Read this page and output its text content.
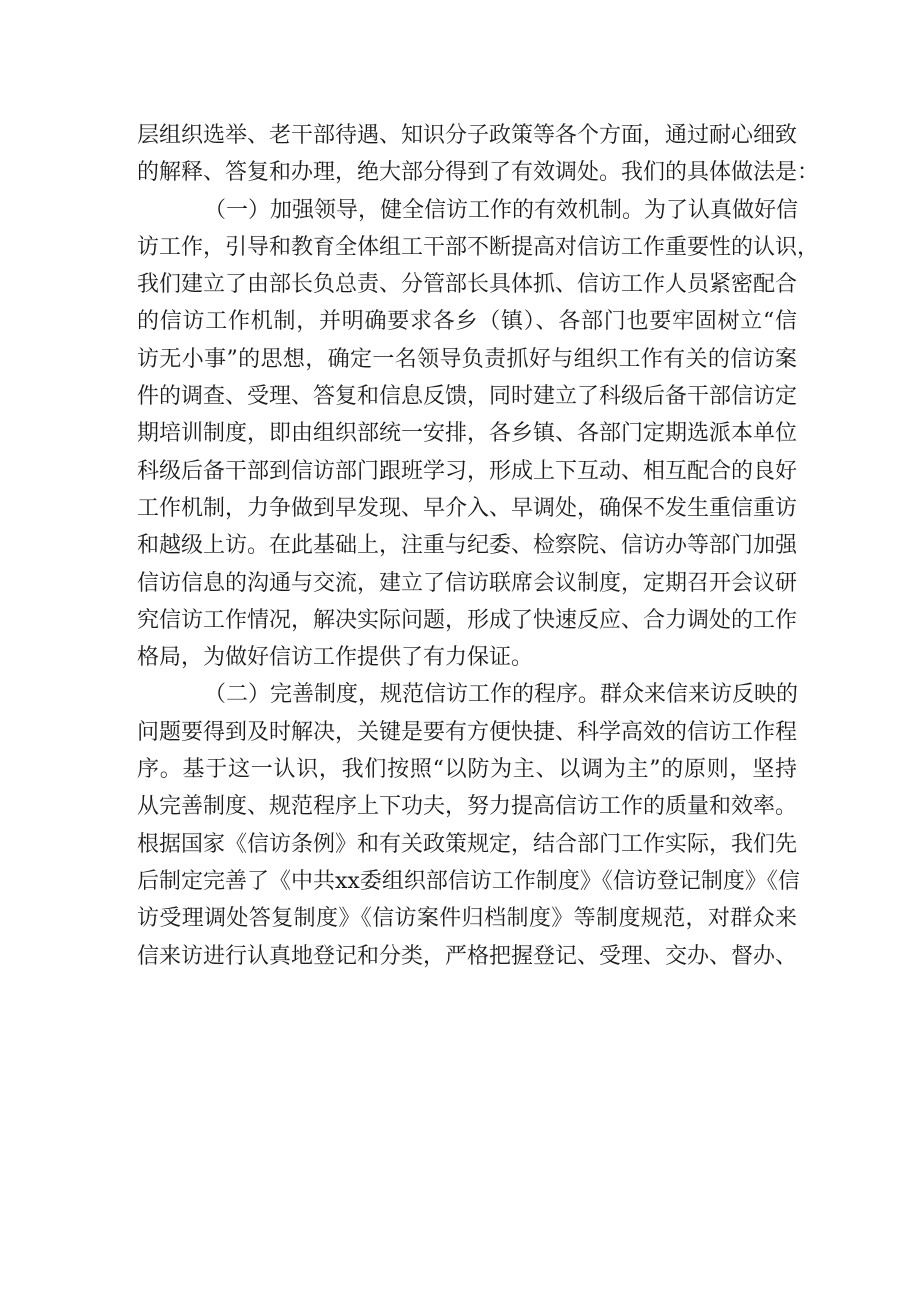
层组织选举、老干部待遇、知识分子政策等各个方面，通过耐心细致
的解释、答复和办理，绝大部分得到了有效调处。我们的具体做法是：
（一）加强领导，健全信访工作的有效机制。为了认真做好信
访工作，引导和教育全体组工干部不断提高对信访工作重要性的认识，
我们建立了由部长负总责、分管部长具体抓、信访工作人员紧密配合
的信访工作机制，并明确要求各乡（镇）、各部门也要牢固树立“信
访无小事”的思想，确定一名领导负责抓好与组织工作有关的信访案
件的调查、受理、答复和信息反馈，同时建立了科级后备干部信访定
期培训制度，即由组织部统一安排，各乡镇、各部门定期选派本单位
科级后备干部到信访部门跟班学习，形成上下互动、相互配合的良好
工作机制，力争做到早发现、早介入、早调处，确保不发生重信重访
和越级上访。在此基础上，注重与纪委、检察院、信访办等部门加强
信访信息的沟通与交流，建立了信访联席会议制度，定期召开会议研
究信访工作情况，解决实际问题，形成了快速反应、合力调处的工作
格局，为做好信访工作提供了有力保证。
（二）完善制度，规范信访工作的程序。群众来信来访反映的
问题要得到及时解决，关键是要有方便快捷、科学高效的信访工作程
序。基于这一认识，我们按照“以防为主、以调为主”的原则，坚持
从完善制度、规范程序上下功夫，努力提高信访工作的质量和效率。
根据国家《信访条例》和有关政策规定，结合部门工作实际，我们先
后制定完善了《中共xx委组织部信访工作制度》《信访登记制度》《信
访受理调处答复制度》《信访案件归档制度》等制度规范，对群众来
信来访进行认真地登记和分类，严格把握登记、受理、交办、督办、
